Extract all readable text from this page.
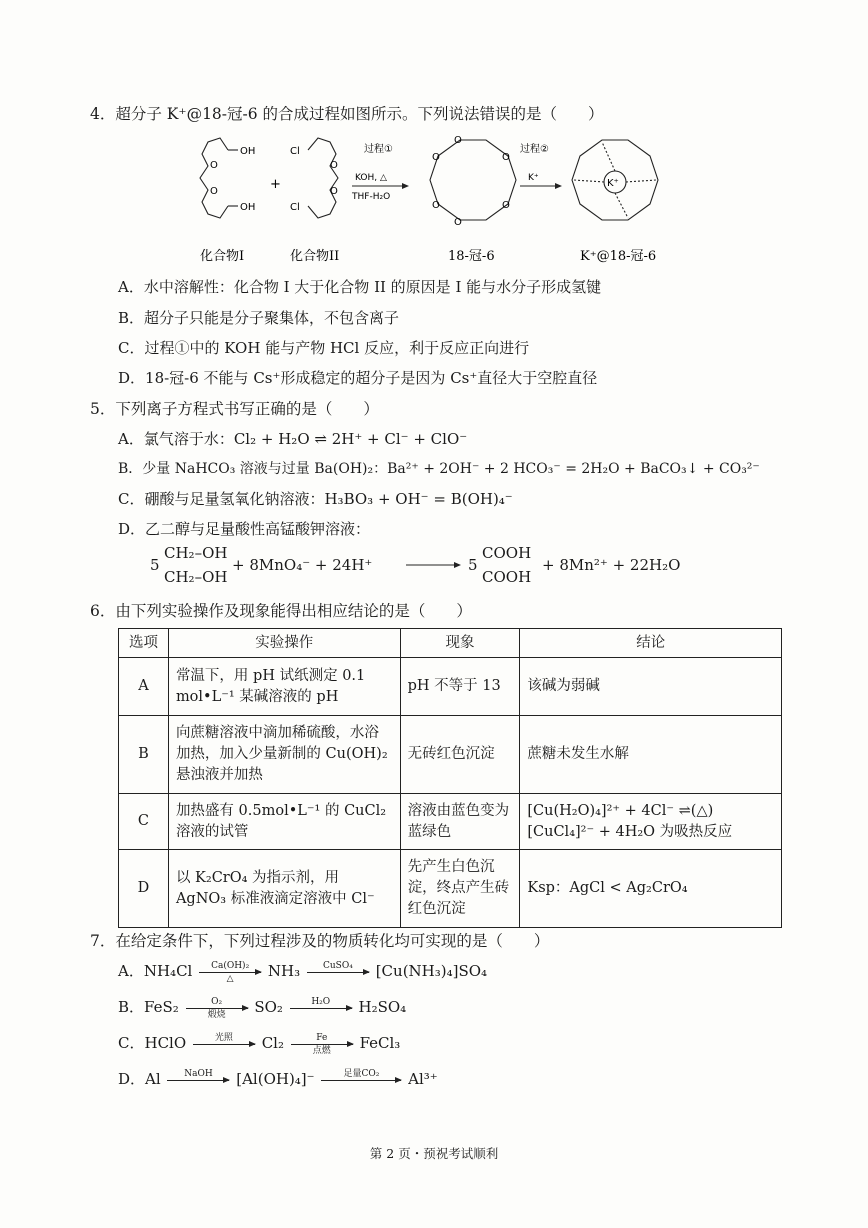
4．超分子 K⁺@18-冠-6 的合成过程如图所示。下列说法错误的是（　　）
OH
OH
O
O	+
Cl
Cl
O
O
过程①
KOH, △
THF-H₂O
O
O
O
O
O
O
过程②
K⁺	K⁺
化合物I	化合物II	18-冠-6	K⁺@18-冠-6
A．水中溶解性：化合物 I 大于化合物 II 的原因是 I 能与水分子形成氢键
B．超分子只能是分子聚集体，不包含离子
C．过程①中的 KOH 能与产物 HCl 反应，利于反应正向进行
D．18-冠-6 不能与 Cs⁺形成稳定的超分子是因为 Cs⁺直径大于空腔直径
5．下列离子方程式书写正确的是（　　）
A．氯气溶于水：Cl₂ + H₂O ⇌ 2H⁺ + Cl⁻ + ClO⁻
B．少量 NaHCO₃ 溶液与过量 Ba(OH)₂：Ba²⁺ + 2OH⁻ + 2 HCO₃⁻ = 2H₂O + BaCO₃↓ + CO₃²⁻
C．硼酸与足量氢氧化钠溶液：H₃BO₃ + OH⁻ = B(OH)₄⁻
D．乙二醇与足量酸性高锰酸钾溶液：
5
CH₂–OH
CH₂–OH
+ 8MnO₄⁻ + 24H⁺ → 5
COOH
COOH
+ 8Mn²⁺ + 22H₂O
6．由下列实验操作及现象能得出相应结论的是（　　）
选项	实验操作	现象	结论
A	常温下，用 pH 试纸测定 0.1 mol•L⁻¹ 某碱溶液的 pH	pH 不等于 13	该碱为弱碱
B	向蔗糖溶液中滴加稀硫酸，水浴加热，加入少量新制的 Cu(OH)₂ 悬浊液并加热	无砖红色沉淀	蔗糖未发生水解
C	加热盛有 0.5mol•L⁻¹ 的 CuCl₂ 溶液的试管	溶液由蓝色变为蓝绿色	[Cu(H₂O)₄]²⁺ + 4Cl⁻ ⇌(△) [CuCl₄]²⁻ + 4H₂O 为吸热反应
D	以 K₂CrO₄ 为指示剂，用 AgNO₃ 标准液滴定溶液中 Cl⁻	先产生白色沉淀，终点产生砖红色沉淀	Ksp：AgCl < Ag₂CrO₄
7．在给定条件下，下列过程涉及的物质转化均可实现的是（　　）
A．NH₄Cl	Ca(OH)₂
△	NH₃	CuSO₄	[Cu(NH₃)₄]SO₄
B．FeS₂	O₂
煅烧	SO₂	H₂O	H₂SO₄
C．HClO	光照	Cl₂	Fe
点燃	FeCl₃
D．Al	NaOH	[Al(OH)₄]⁻	足量CO₂	Al³⁺
第 2 页・预祝考试顺利
